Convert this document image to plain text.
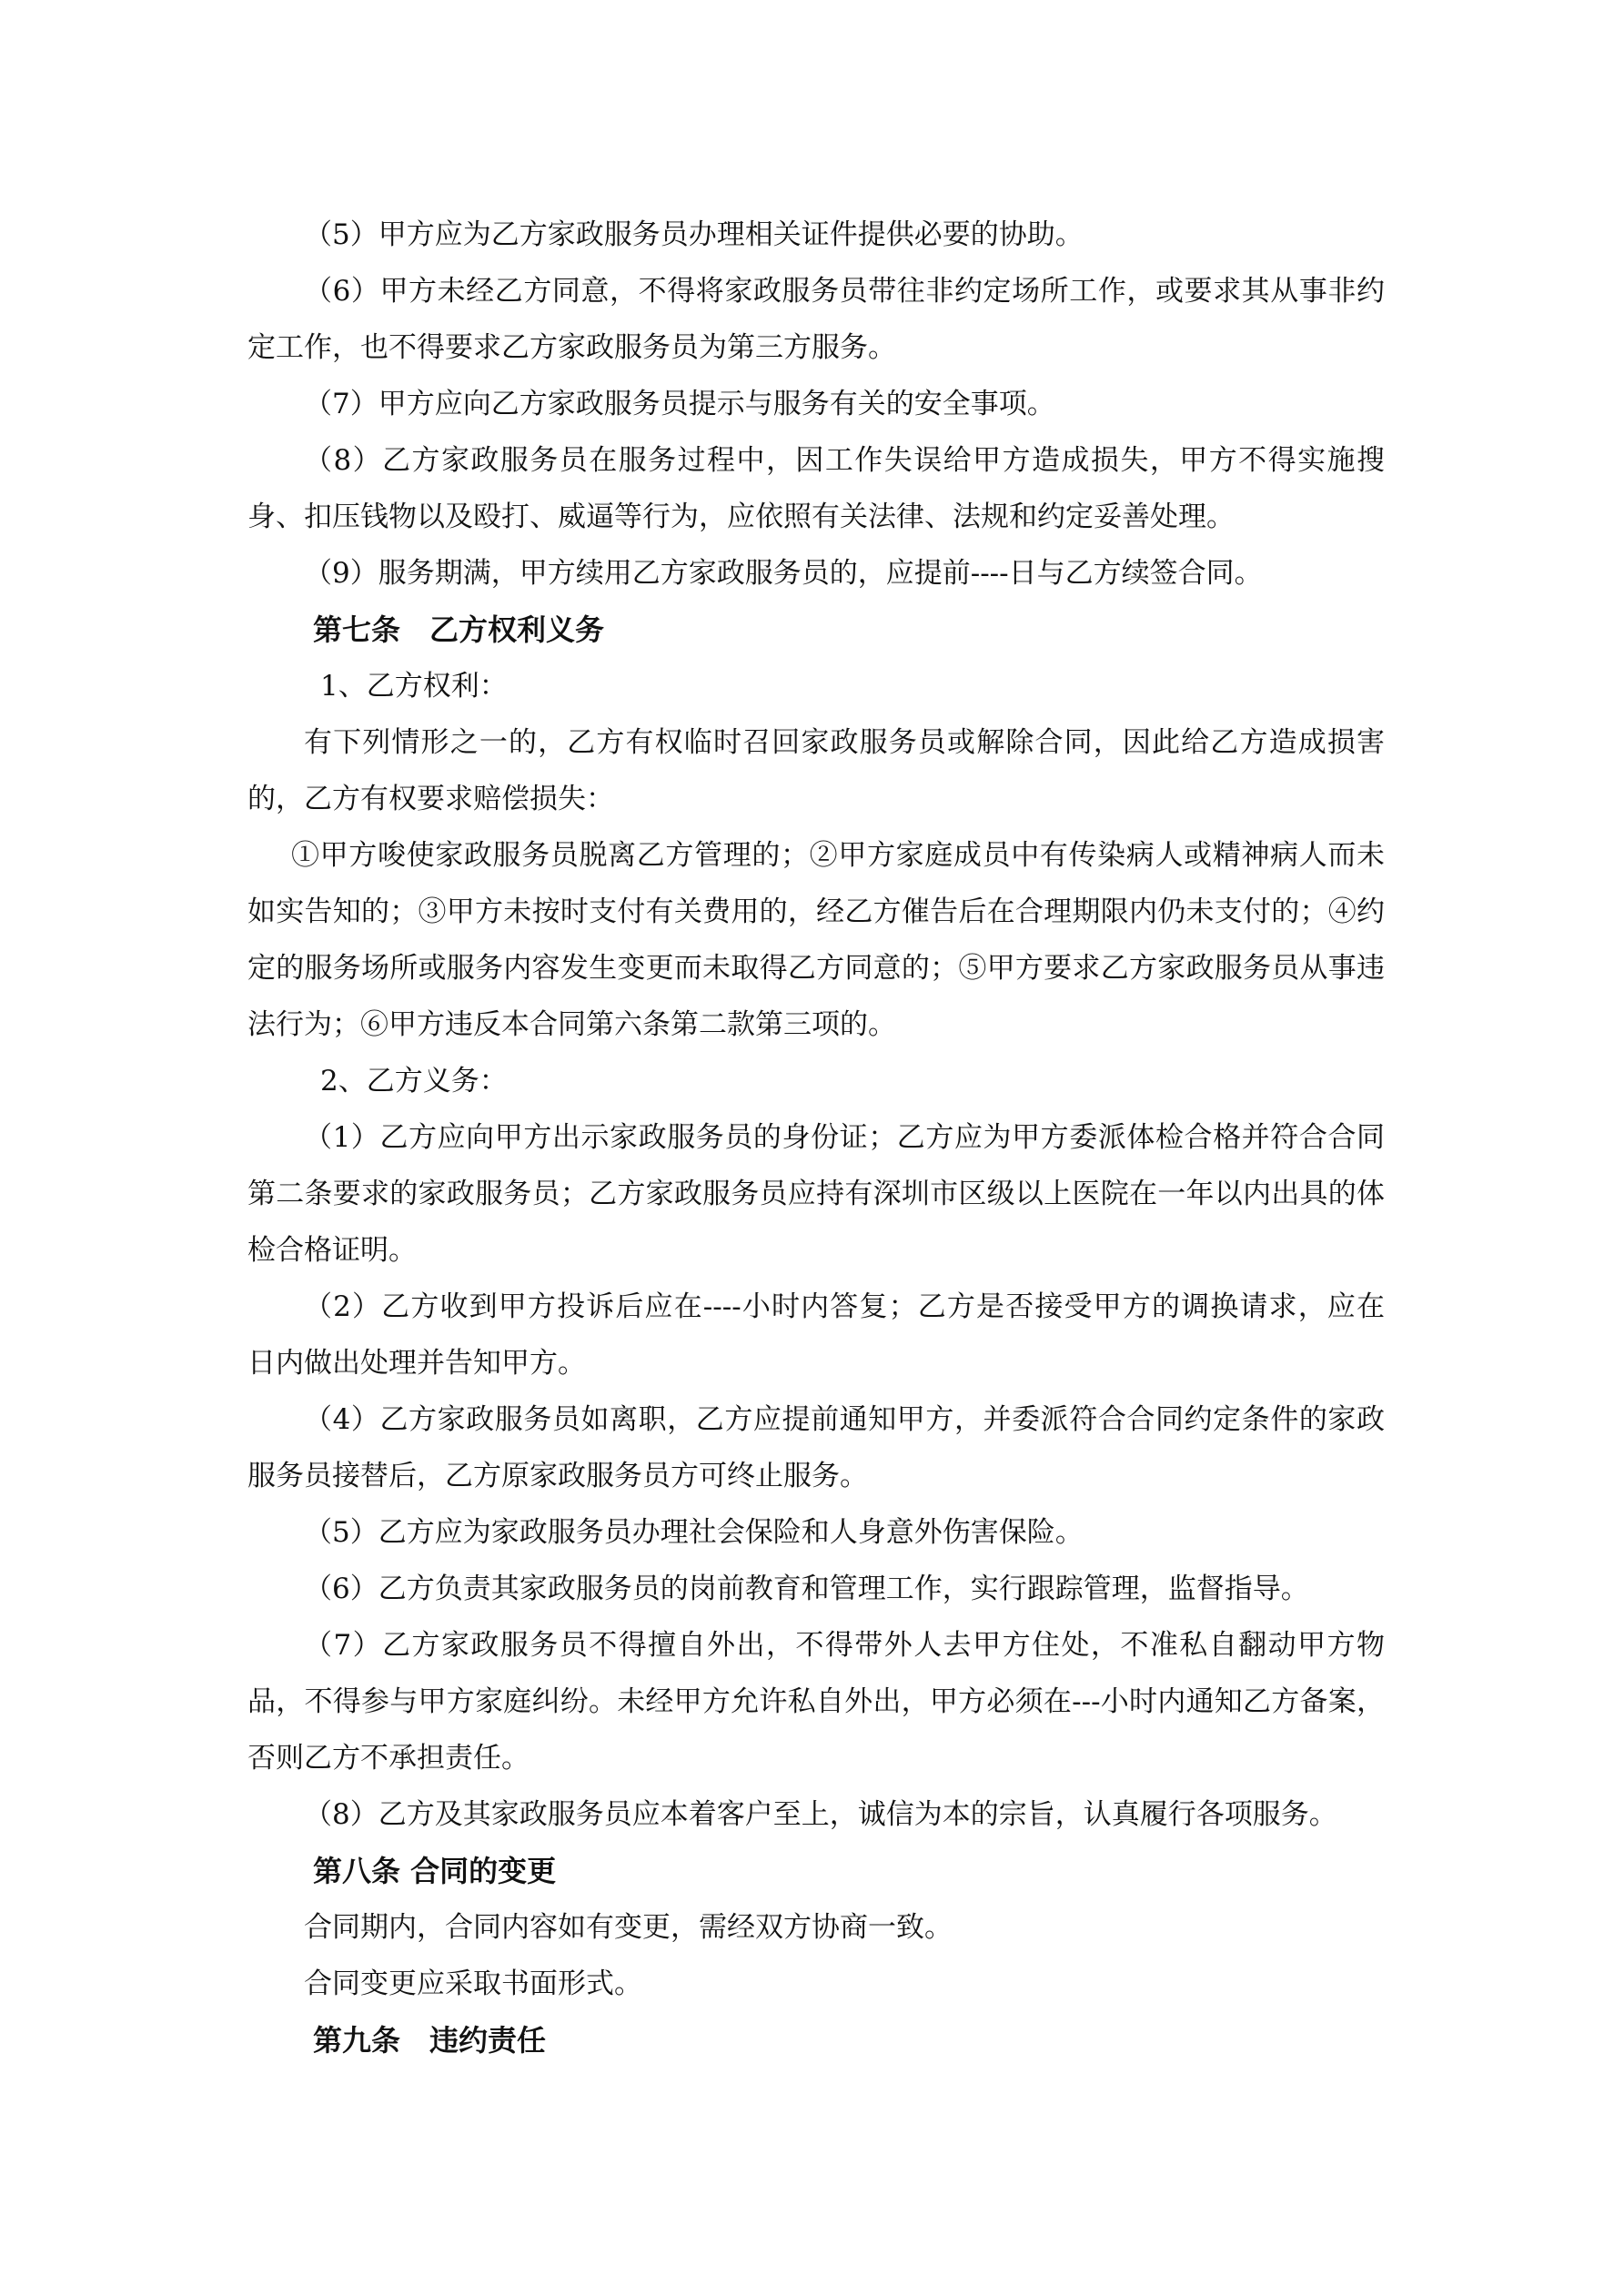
（5）甲方应为乙方家政服务员办理相关证件提供必要的协助。

（6）甲方未经乙方同意，不得将家政服务员带往非约定场所工作，或要求其从事非约定工作，也不得要求乙方家政服务员为第三方服务。

（7）甲方应向乙方家政服务员提示与服务有关的安全事项。

（8）乙方家政服务员在服务过程中，因工作失误给甲方造成损失，甲方不得实施搜身、扣压钱物以及殴打、威逼等行为，应依照有关法律、法规和约定妥善处理。

（9）服务期满，甲方续用乙方家政服务员的，应提前----日与乙方续签合同。

第七条　乙方权利义务

1、乙方权利：

有下列情形之一的，乙方有权临时召回家政服务员或解除合同，因此给乙方造成损害的，乙方有权要求赔偿损失：

①甲方唆使家政服务员脱离乙方管理的；②甲方家庭成员中有传染病人或精神病人而未如实告知的；③甲方未按时支付有关费用的，经乙方催告后在合理期限内仍未支付的；④约定的服务场所或服务内容发生变更而未取得乙方同意的；⑤甲方要求乙方家政服务员从事违法行为；⑥甲方违反本合同第六条第二款第三项的。

2、乙方义务：

（1）乙方应向甲方出示家政服务员的身份证；乙方应为甲方委派体检合格并符合合同第二条要求的家政服务员；乙方家政服务员应持有深圳市区级以上医院在一年以内出具的体检合格证明。

（2）乙方收到甲方投诉后应在----小时内答复；乙方是否接受甲方的调换请求，应在　　日内做出处理并告知甲方。

（4）乙方家政服务员如离职，乙方应提前通知甲方，并委派符合合同约定条件的家政服务员接替后，乙方原家政服务员方可终止服务。

（5）乙方应为家政服务员办理社会保险和人身意外伤害保险。

（6）乙方负责其家政服务员的岗前教育和管理工作，实行跟踪管理，监督指导。

（7）乙方家政服务员不得擅自外出，不得带外人去甲方住处，不准私自翻动甲方物品，不得参与甲方家庭纠纷。未经甲方允许私自外出，甲方必须在---小时内通知乙方备案，否则乙方不承担责任。

（8）乙方及其家政服务员应本着客户至上，诚信为本的宗旨，认真履行各项服务。

第八条 合同的变更

合同期内，合同内容如有变更，需经双方协商一致。

合同变更应采取书面形式。

第九条　违约责任
